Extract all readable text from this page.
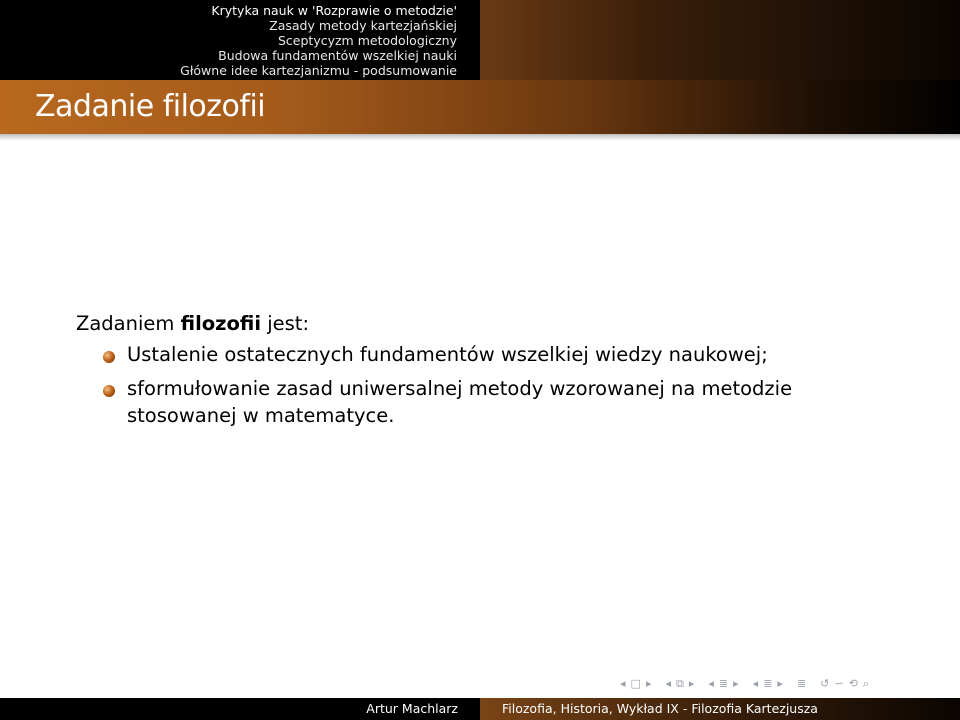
Krytyka nauk w 'Rozprawie o metodzie'
Zasady metody kartezjańskiej
Sceptycyzm metodologiczny
Budowa fundamentów wszelkiej nauki
Główne idee kartezjanizmu - podsumowanie
Zadanie filozofii
Zadaniem filozofii jest:
Ustalenie ostatecznych fundamentów wszelkiej wiedzy naukowej;
sformułowanie zasad uniwersalnej metody wzorowanej na metodzie stosowanej w matematyce.
◂ □ ▸ ◂ ⧉ ▸ ◂ ≣ ▸ ◂ ≣ ▸ ≣ ↺ ∽ ⟲ ⌕
Artur Machlarz	Filozofia, Historia, Wykład IX - Filozofia Kartezjusza
